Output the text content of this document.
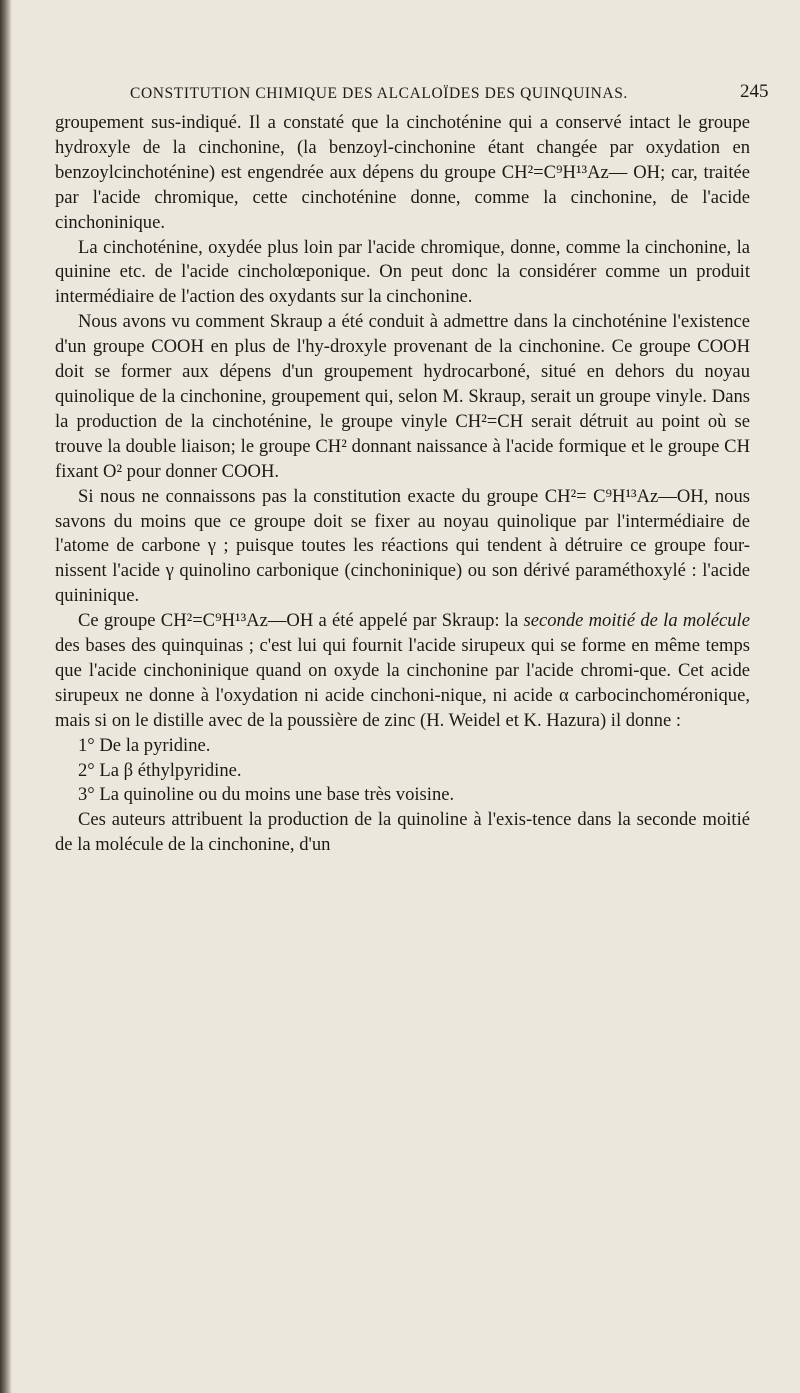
CONSTITUTION CHIMIQUE DES ALCALOÏDES DES QUINQUINAS.	245

groupement sus-indiqué. Il a constaté que la cinchoténine qui a conservé intact le groupe hydroxyle de la cinchonine, (la benzoyl-cinchonine étant changée par oxydation en benzoylcinchoténine) est engendrée aux dépens du groupe CH²=C⁹H¹³Az— OH; car, traitée par l'acide chromique, cette cinchoténine donne, comme la cinchonine, de l'acide cinchoninique.

La cinchoténine, oxydée plus loin par l'acide chromique, donne, comme la cinchonine, la quinine etc. de l'acide cincholœponique. On peut donc la considérer comme un produit intermédiaire de l'action des oxydants sur la cinchonine.

Nous avons vu comment Skraup a été conduit à admettre dans la cinchoténine l'existence d'un groupe COOH en plus de l'hy-droxyle provenant de la cinchonine. Ce groupe COOH doit se former aux dépens d'un groupement hydrocarboné, situé en dehors du noyau quinolique de la cinchonine, groupement qui, selon M. Skraup, serait un groupe vinyle. Dans la production de la cinchoténine, le groupe vinyle CH²=CH serait détruit au point où se trouve la double liaison; le groupe CH² donnant naissance à l'acide formique et le groupe CH fixant O² pour donner COOH.

Si nous ne connaissons pas la constitution exacte du groupe CH²= C⁹H¹³Az—OH, nous savons du moins que ce groupe doit se fixer au noyau quinolique par l'intermédiaire de l'atome de carbone γ ; puisque toutes les réactions qui tendent à détruire ce groupe four-nissent l'acide γ quinolino carbonique (cinchoninique) ou son dérivé paraméthoxylé : l'acide quininique.

Ce groupe CH²=C⁹H¹³Az—OH a été appelé par Skraup: la seconde moitié de la molécule des bases des quinquinas ; c'est lui qui fournit l'acide sirupeux qui se forme en même temps que l'acide cinchoninique quand on oxyde la cinchonine par l'acide chromi-que. Cet acide sirupeux ne donne à l'oxydation ni acide cinchoni-nique, ni acide α carbocinchoméronique, mais si on le distille avec de la poussière de zinc (H. Weidel et K. Hazura) il donne :

1° De la pyridine.

2° La β éthylpyridine.

3° La quinoline ou du moins une base très voisine.

Ces auteurs attribuent la production de la quinoline à l'exis-tence dans la seconde moitié de la molécule de la cinchonine, d'un
